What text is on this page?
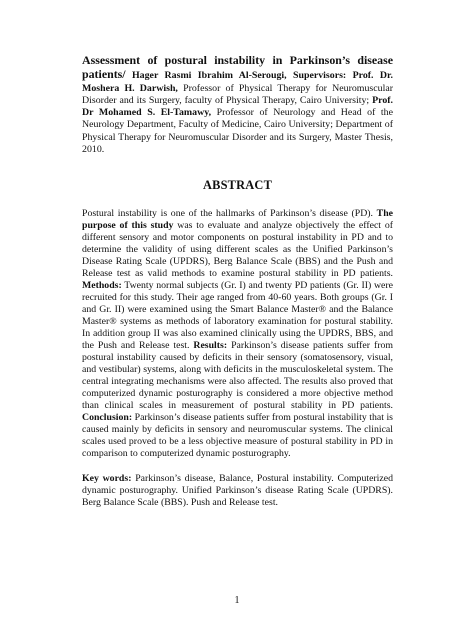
Assessment of postural instability in Parkinson’s disease patients/ Hager Rasmi Ibrahim Al-Serougi, Supervisors: Prof. Dr. Moshera H. Darwish, Professor of Physical Therapy for Neuromuscular Disorder and its Surgery, faculty of Physical Therapy, Cairo University; Prof. Dr Mohamed S. El-Tamawy, Professor of Neurology and Head of the Neurology Department, Faculty of Medicine, Cairo University; Department of Physical Therapy for Neuromuscular Disorder and its Surgery, Master Thesis, 2010.

ABSTRACT

Postural instability is one of the hallmarks of Parkinson’s disease (PD). The purpose of this study was to evaluate and analyze objectively the effect of different sensory and motor components on postural instability in PD and to determine the validity of using different scales as the Unified Parkinson’s Disease Rating Scale (UPDRS), Berg Balance Scale (BBS) and the Push and Release test as valid methods to examine postural stability in PD patients. Methods: Twenty normal subjects (Gr. I) and twenty PD patients (Gr. II) were recruited for this study. Their age ranged from 40-60 years. Both groups (Gr. I and Gr. II) were examined using the Smart Balance Master® and the Balance Master® systems as methods of laboratory examination for postural stability. In addition group II was also examined clinically using the UPDRS, BBS, and the Push and Release test. Results: Parkinson’s disease patients suffer from postural instability caused by deficits in their sensory (somatosensory, visual, and vestibular) systems, along with deficits in the musculoskeletal system. The central integrating mechanisms were also affected. The results also proved that computerized dynamic posturography is considered a more objective method than clinical scales in measurement of postural stability in PD patients. Conclusion: Parkinson’s disease patients suffer from postural instability that is caused mainly by deficits in sensory and neuromuscular systems. The clinical scales used proved to be a less objective measure of postural stability in PD in comparison to computerized dynamic posturography.

Key words: Parkinson’s disease, Balance, Postural instability. Computerized dynamic posturography. Unified Parkinson’s disease Rating Scale (UPDRS). Berg Balance Scale (BBS). Push and Release test.

1
